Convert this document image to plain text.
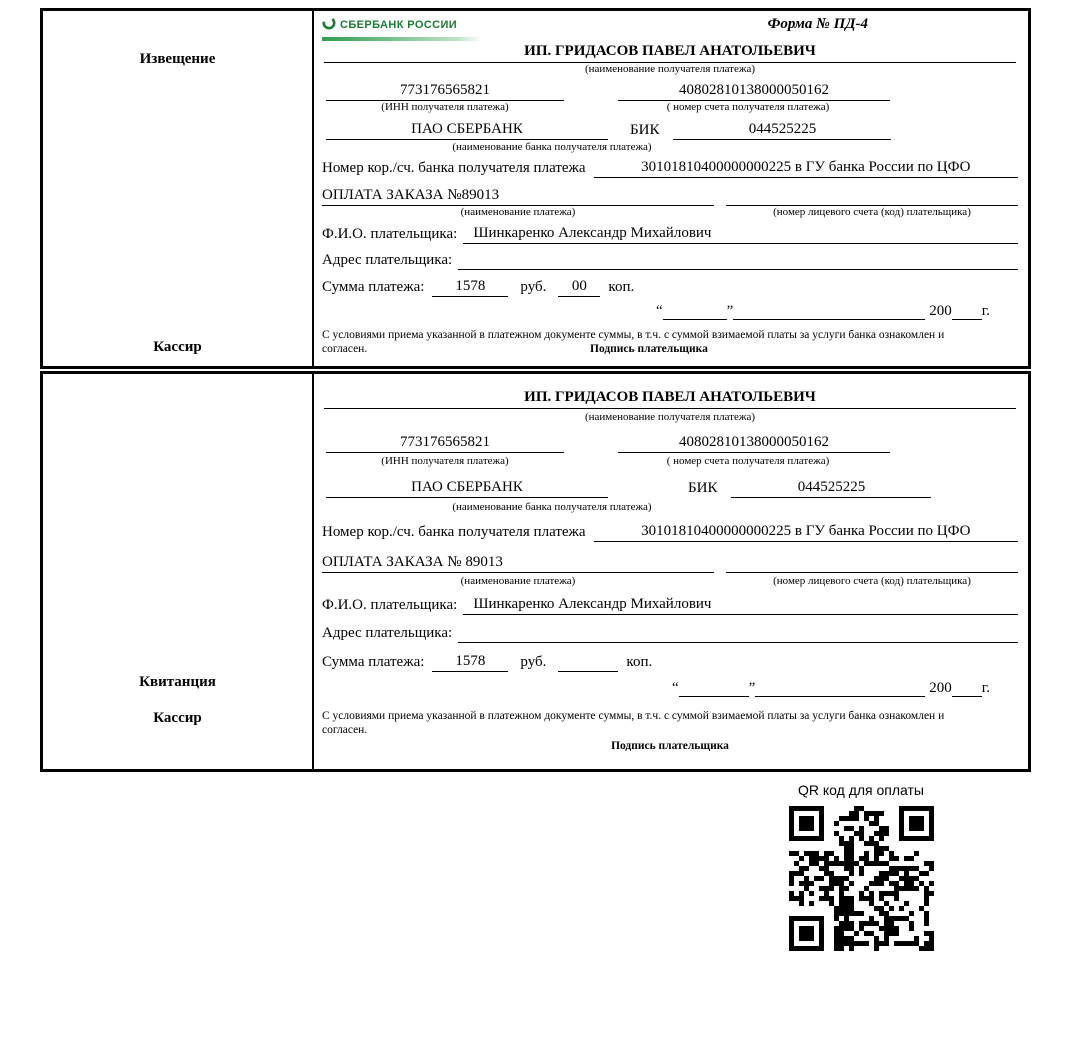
Извещение
Кассир
СБЕРБАНК РОССИИ	Форма № ПД-4
ИП. ГРИДАСОВ ПАВЕЛ АНАТОЛЬЕВИЧ
(наименование получателя платежа)
773176565821	40802810138000050162
(ИНН получателя платежа)	( номер счета получателя платежа)
ПАО СБЕРБАНК	БИК	044525225
(наименование банка получателя платежа)
Номер кор./сч. банка получателя платежа	30101810400000000225 в ГУ банка России по ЦФО
ОПЛАТА ЗАКАЗА №89013
(наименование платежа)	(номер лицевого счета (код) плательщика)
Ф.И.О. плательщика:	Шинкаренко Александр Михайлович
Адрес плательщика:
Сумма платежа:	1578	руб.	00	коп.
“	”	200 г.
С условиями приема указанной в платежном документе суммы, в т.ч. с суммой взимаемой платы за услуги банка ознакомлен и согласен.	Подпись плательщика
Квитанция
Кассир
ИП. ГРИДАСОВ ПАВЕЛ АНАТОЛЬЕВИЧ
(наименование получателя платежа)
773176565821	40802810138000050162
(ИНН получателя платежа)	( номер счета получателя платежа)
ПАО СБЕРБАНК	БИК	044525225
(наименование банка получателя платежа)
Номер кор./сч. банка получателя платежа	30101810400000000225 в ГУ банка России по ЦФО
ОПЛАТА ЗАКАЗА № 89013
(наименование платежа)	(номер лицевого счета (код) плательщика)
Ф.И.О. плательщика:	Шинкаренко Александр Михайлович
Адрес плательщика:
Сумма платежа:	1578	руб.	коп.
“	”	200 г.
С условиями приема указанной в платежном документе суммы, в т.ч. с суммой взимаемой платы за услуги банка ознакомлен и согласен.
Подпись плательщика
QR код для оплаты
